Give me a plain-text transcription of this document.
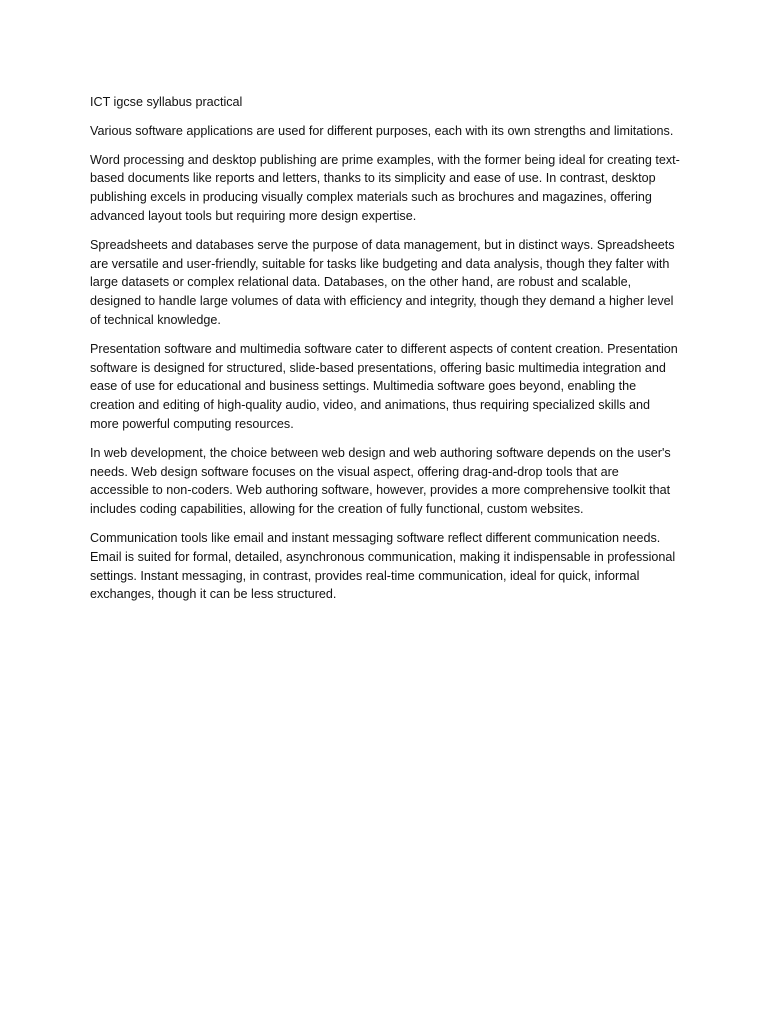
ICT igcse syllabus practical

Various software applications are used for different purposes, each with its own strengths and limitations.

Word processing and desktop publishing are prime examples, with the former being ideal for creating text-based documents like reports and letters, thanks to its simplicity and ease of use. In contrast, desktop publishing excels in producing visually complex materials such as brochures and magazines, offering advanced layout tools but requiring more design expertise.

Spreadsheets and databases serve the purpose of data management, but in distinct ways. Spreadsheets are versatile and user-friendly, suitable for tasks like budgeting and data analysis, though they falter with large datasets or complex relational data. Databases, on the other hand, are robust and scalable, designed to handle large volumes of data with efficiency and integrity, though they demand a higher level of technical knowledge.

Presentation software and multimedia software cater to different aspects of content creation. Presentation software is designed for structured, slide-based presentations, offering basic multimedia integration and ease of use for educational and business settings. Multimedia software goes beyond, enabling the creation and editing of high-quality audio, video, and animations, thus requiring specialized skills and more powerful computing resources.

In web development, the choice between web design and web authoring software depends on the user's needs. Web design software focuses on the visual aspect, offering drag-and-drop tools that are accessible to non-coders. Web authoring software, however, provides a more comprehensive toolkit that includes coding capabilities, allowing for the creation of fully functional, custom websites.

Communication tools like email and instant messaging software reflect different communication needs. Email is suited for formal, detailed, asynchronous communication, making it indispensable in professional settings. Instant messaging, in contrast, provides real-time communication, ideal for quick, informal exchanges, though it can be less structured.
